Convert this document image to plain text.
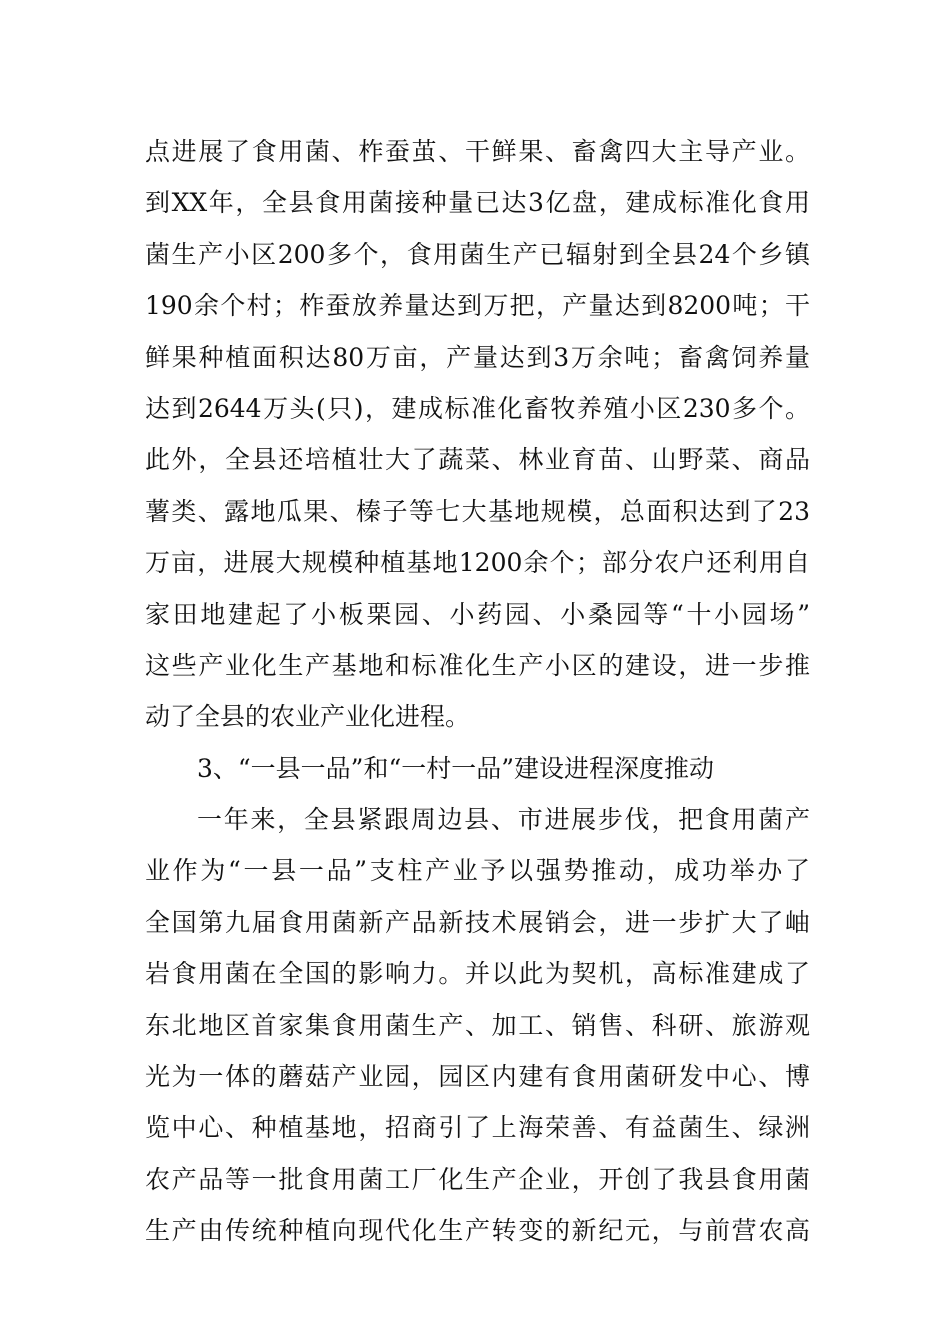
点进展了食用菌、柞蚕茧、干鲜果、畜禽四大主导产业。
到XX年，全县食用菌接种量已达3亿盘，建成标准化食用
菌生产小区200多个，食用菌生产已辐射到全县24个乡镇
190余个村；柞蚕放养量达到万把，产量达到8200吨；干
鲜果种植面积达80万亩，产量达到3万余吨；畜禽饲养量
达到2644万头(只)，建成标准化畜牧养殖小区230多个。
此外，全县还培植壮大了蔬菜、林业育苗、山野菜、商品
薯类、露地瓜果、榛子等七大基地规模，总面积达到了23
万亩，进展大规模种植基地1200余个；部分农户还利用自
家田地建起了小板栗园、小药园、小桑园等“十小园场”
这些产业化生产基地和标准化生产小区的建设，进一步推
动了全县的农业产业化进程。
3、“一县一品”和“一村一品”建设进程深度推动
一年来，全县紧跟周边县、市进展步伐，把食用菌产
业作为“一县一品”支柱产业予以强势推动，成功举办了
全国第九届食用菌新产品新技术展销会，进一步扩大了岫
岩食用菌在全国的影响力。并以此为契机，高标准建成了
东北地区首家集食用菌生产、加工、销售、科研、旅游观
光为一体的蘑菇产业园，园区内建有食用菌研发中心、博
览中心、种植基地，招商引了上海荣善、有益菌生、绿洲
农产品等一批食用菌工厂化生产企业，开创了我县食用菌
生产由传统种植向现代化生产转变的新纪元，与前营农高
